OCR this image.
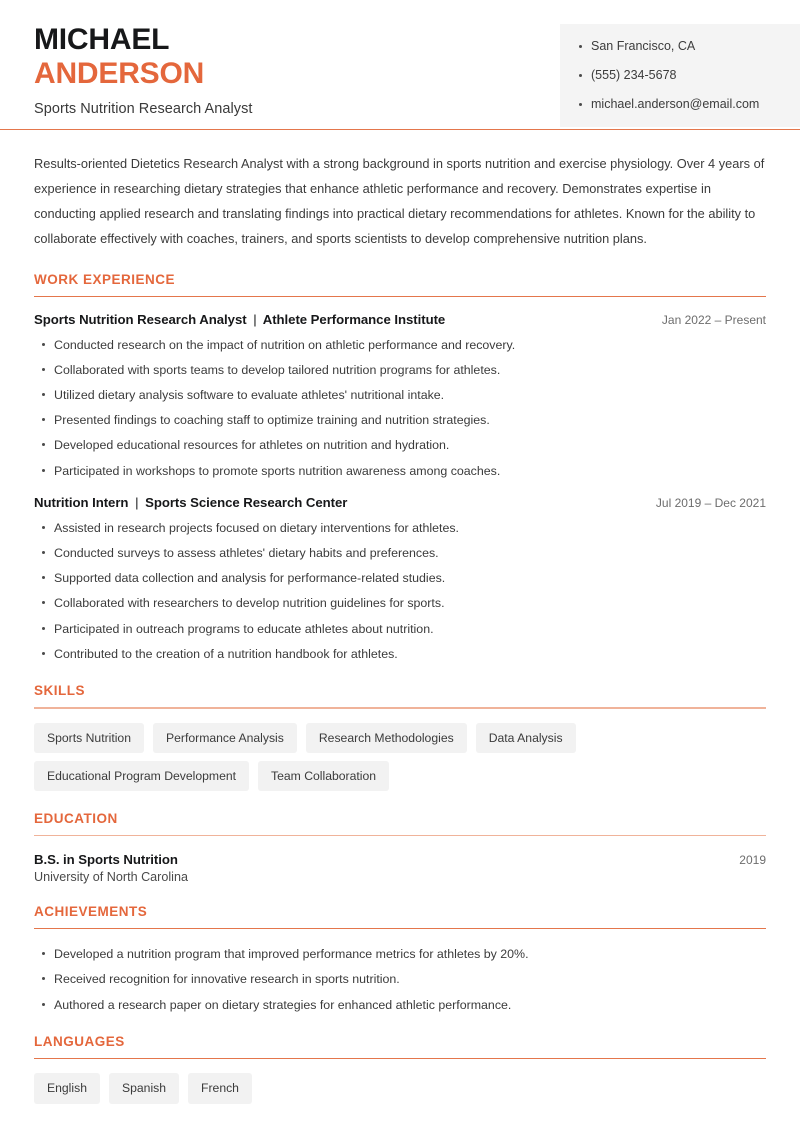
MICHAEL
ANDERSON
Sports Nutrition Research Analyst
San Francisco, CA
(555) 234-5678
michael.anderson@email.com

Results-oriented Dietetics Research Analyst with a strong background in sports nutrition and exercise physiology. Over 4 years of experience in researching dietary strategies that enhance athletic performance and recovery. Demonstrates expertise in conducting applied research and translating findings into practical dietary recommendations for athletes. Known for the ability to collaborate effectively with coaches, trainers, and sports scientists to develop comprehensive nutrition plans.

WORK EXPERIENCE
Sports Nutrition Research Analyst | Athlete Performance Institute	Jan 2022 – Present
Conducted research on the impact of nutrition on athletic performance and recovery.
Collaborated with sports teams to develop tailored nutrition programs for athletes.
Utilized dietary analysis software to evaluate athletes' nutritional intake.
Presented findings to coaching staff to optimize training and nutrition strategies.
Developed educational resources for athletes on nutrition and hydration.
Participated in workshops to promote sports nutrition awareness among coaches.
Nutrition Intern | Sports Science Research Center	Jul 2019 – Dec 2021
Assisted in research projects focused on dietary interventions for athletes.
Conducted surveys to assess athletes' dietary habits and preferences.
Supported data collection and analysis for performance-related studies.
Collaborated with researchers to develop nutrition guidelines for sports.
Participated in outreach programs to educate athletes about nutrition.
Contributed to the creation of a nutrition handbook for athletes.
SKILLS
Sports Nutrition	Performance Analysis	Research Methodologies	Data Analysis
Educational Program Development	Team Collaboration
EDUCATION
B.S. in Sports Nutrition	2019
University of North Carolina
ACHIEVEMENTS
Developed a nutrition program that improved performance metrics for athletes by 20%.
Received recognition for innovative research in sports nutrition.
Authored a research paper on dietary strategies for enhanced athletic performance.
LANGUAGES
English	Spanish	French
